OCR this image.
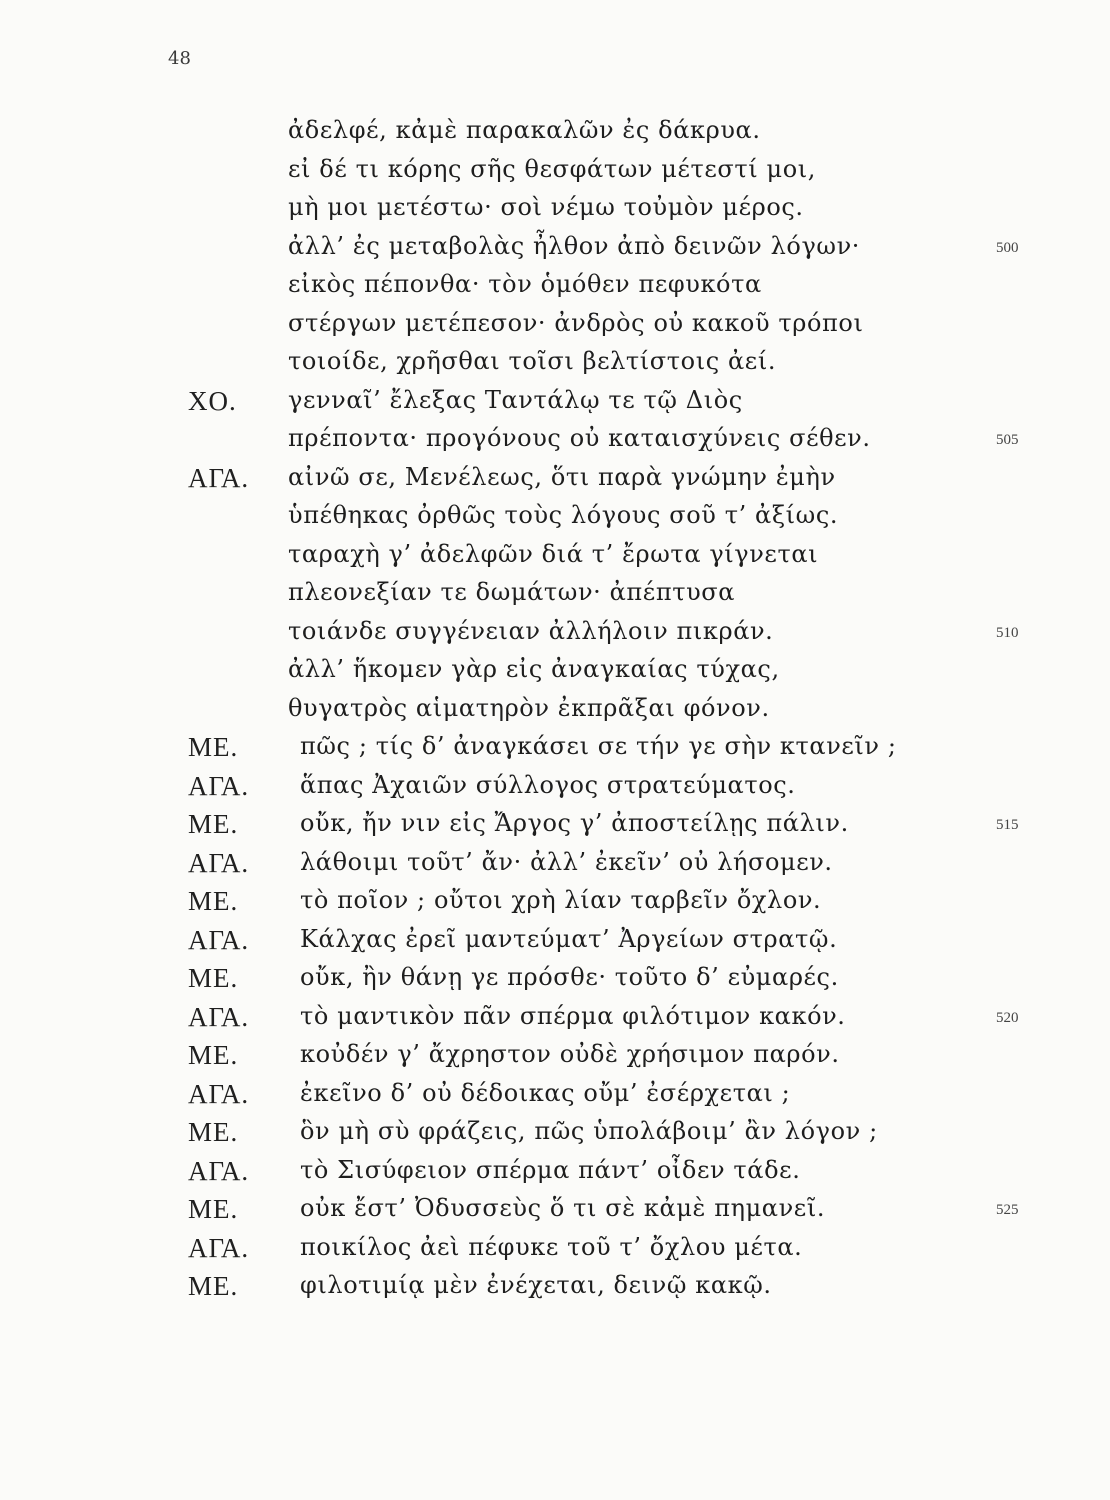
48
ἀδελφέ, κἀμὲ παρακαλῶν ἐς δάκρυα.
εἰ δέ τι κόρης σῆς θεσφάτων μέτεστί μοι,
μὴ μοι μετέστω· σοὶ νέμω τοὐμὸν μέρος.
ἀλλ’ ἐς μεταβολὰς ἦλθον ἀπὸ δεινῶν λόγων·	500
εἰκὸς πέπονθα· τὸν ὁμόθεν πεφυκότα
στέργων μετέπεσον· ἀνδρὸς οὐ κακοῦ τρόποι
τοιοίδε, χρῆσθαι τοῖσι βελτίστοις ἀεί.
ΧΟ. γενναῖ’ ἔλεξας Ταντάλῳ τε τῷ Διὸς
πρέποντα· προγόνους οὐ καταισχύνεις σέθεν.	505
ΑΓΑ. αἰνῶ σε, Μενέλεως, ὅτι παρὰ γνώμην ἐμὴν
ὑπέθηκας ὀρθῶς τοὺς λόγους σοῦ τ’ ἀξίως.
ταραχὴ γ’ ἀδελφῶν διά τ’ ἔρωτα γίγνεται
πλεονεξίαν τε δωμάτων· ἀπέπτυσα
τοιάνδε συγγένειαν ἀλλήλοιν πικράν.	510
ἀλλ’ ἥκομεν γὰρ εἰς ἀναγκαίας τύχας,
θυγατρὸς αἱματηρὸν ἐκπρᾶξαι φόνον.
ΜΕ.	πῶς ; τίς δ’ ἀναγκάσει σε τήν γε σὴν κτανεῖν ;
ΑΓΑ. ἅπας Ἀχαιῶν σύλλογος στρατεύματος.
ΜΕ.	οὔκ, ἤν νιν εἰς Ἄργος γ’ ἀποστείλῃς πάλιν.	515
ΑΓΑ. λάθοιμι τοῦτ’ ἄν· ἀλλ’ ἐκεῖν’ οὐ λήσομεν.
ΜΕ.	τὸ ποῖον ; οὔτοι χρὴ λίαν ταρβεῖν ὄχλον.
ΑΓΑ. Κάλχας ἐρεῖ μαντεύματ’ Ἀργείων στρατῷ.
ΜΕ.	οὔκ, ἢν θάνῃ γε πρόσθε· τοῦτο δ’ εὐμαρές.
ΑΓΑ. τὸ μαντικὸν πᾶν σπέρμα φιλότιμον κακόν.	520
ΜΕ.	κοὐδέν γ’ ἄχρηστον οὐδὲ χρήσιμον παρόν.
ΑΓΑ. ἐκεῖνο δ’ οὐ δέδοικας οὔμ’ ἐσέρχεται ;
ΜΕ.	ὃν μὴ σὺ φράζεις, πῶς ὑπολάβοιμ’ ἂν λόγον ;
ΑΓΑ. τὸ Σισύφειον σπέρμα πάντ’ οἶδεν τάδε.
ΜΕ.	οὐκ ἔστ’ Ὀδυσσεὺς ὅ τι σὲ κἀμὲ πημανεῖ.	525
ΑΓΑ. ποικίλος ἀεὶ πέφυκε τοῦ τ’ ὄχλου μέτα.
ΜΕ.	φιλοτιμίᾳ μὲν ἐνέχεται, δεινῷ κακῷ.
